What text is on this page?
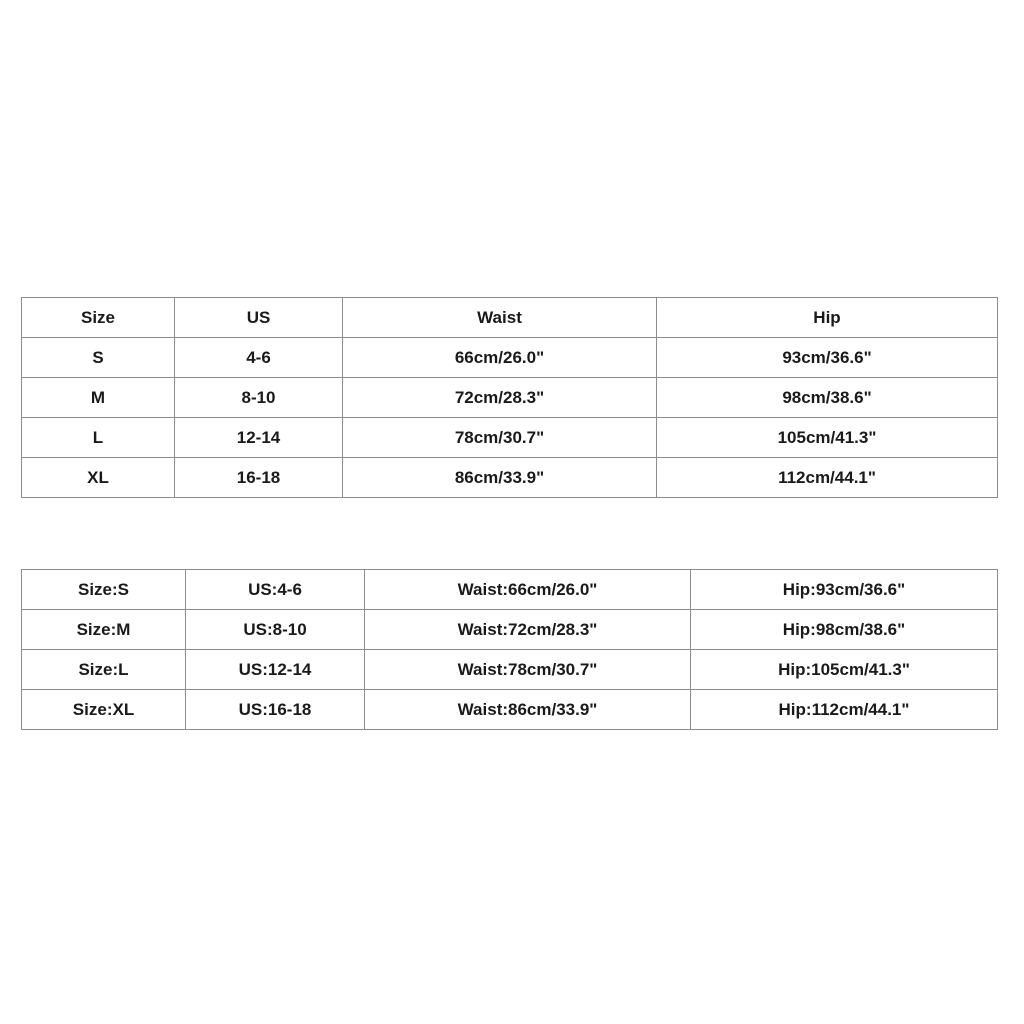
Size	US	Waist	Hip
S	4-6	66cm/26.0"	93cm/36.6"
M	8-10	72cm/28.3"	98cm/38.6"
L	12-14	78cm/30.7"	105cm/41.3"
XL	16-18	86cm/33.9"	112cm/44.1"
Size:S	US:4-6	Waist:66cm/26.0"	Hip:93cm/36.6"
Size:M	US:8-10	Waist:72cm/28.3"	Hip:98cm/38.6"
Size:L	US:12-14	Waist:78cm/30.7"	Hip:105cm/41.3"
Size:XL	US:16-18	Waist:86cm/33.9"	Hip:112cm/44.1"
